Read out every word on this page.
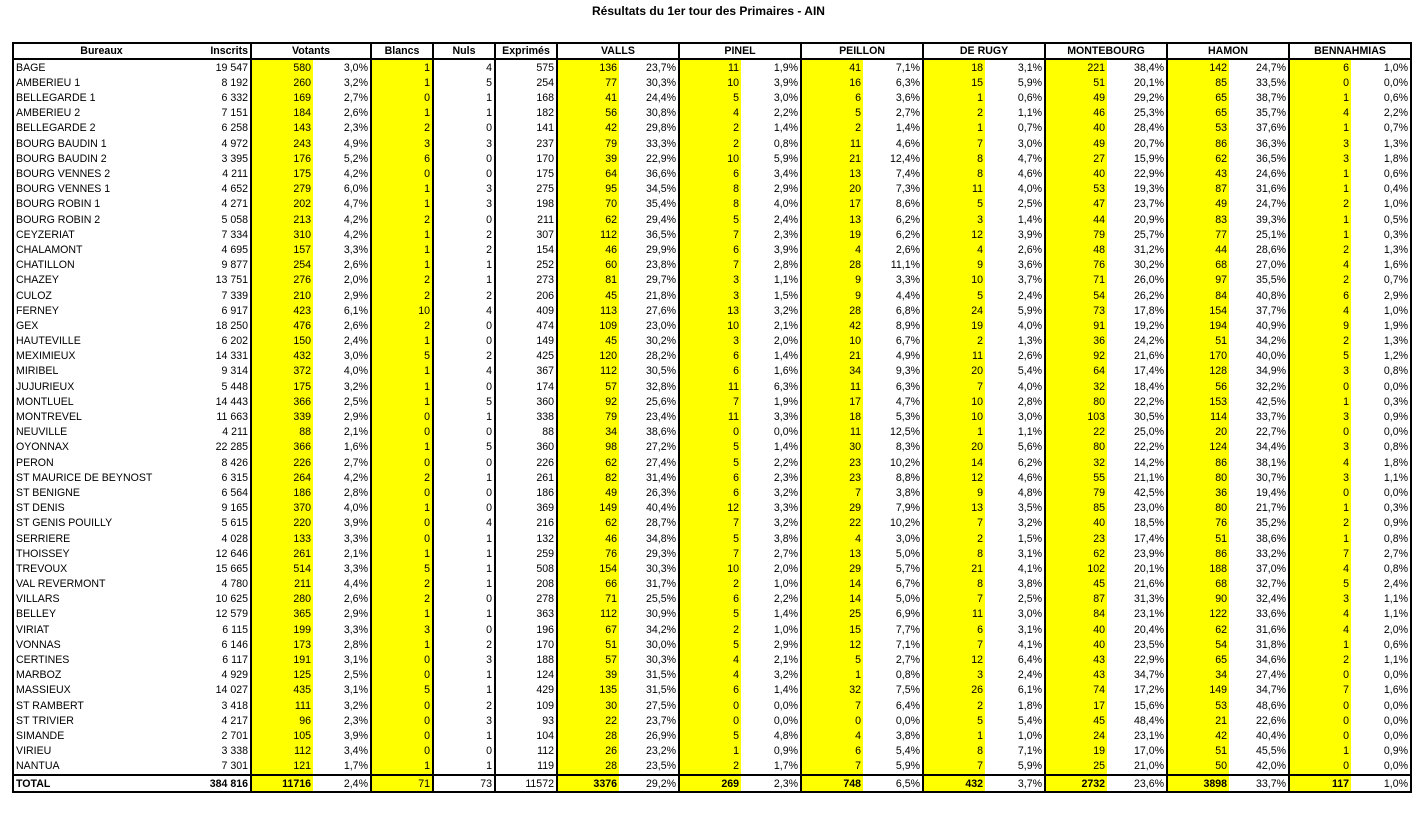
Résultats du 1er tour des Primaires - AIN
Bureaux	Inscrits	Votants		Blancs	Nuls	Exprimés	VALLS		PINEL		PEILLON		DE RUGY		MONTEBOURG		HAMON		BENNAHMIAS	
BAGE	19 547	580	3,0%	1	4	575	136	23,7%	11	1,9%	41	7,1%	18	3,1%	221	38,4%	142	24,7%	6	1,0%
AMBERIEU 1	8 192	260	3,2%	1	5	254	77	30,3%	10	3,9%	16	6,3%	15	5,9%	51	20,1%	85	33,5%	0	0,0%
BELLEGARDE 1	6 332	169	2,7%	0	1	168	41	24,4%	5	3,0%	6	3,6%	1	0,6%	49	29,2%	65	38,7%	1	0,6%
AMBERIEU 2	7 151	184	2,6%	1	1	182	56	30,8%	4	2,2%	5	2,7%	2	1,1%	46	25,3%	65	35,7%	4	2,2%
BELLEGARDE 2	6 258	143	2,3%	2	0	141	42	29,8%	2	1,4%	2	1,4%	1	0,7%	40	28,4%	53	37,6%	1	0,7%
BOURG BAUDIN 1	4 972	243	4,9%	3	3	237	79	33,3%	2	0,8%	11	4,6%	7	3,0%	49	20,7%	86	36,3%	3	1,3%
BOURG BAUDIN 2	3 395	176	5,2%	6	0	170	39	22,9%	10	5,9%	21	12,4%	8	4,7%	27	15,9%	62	36,5%	3	1,8%
BOURG VENNES 2	4 211	175	4,2%	0	0	175	64	36,6%	6	3,4%	13	7,4%	8	4,6%	40	22,9%	43	24,6%	1	0,6%
BOURG VENNES 1	4 652	279	6,0%	1	3	275	95	34,5%	8	2,9%	20	7,3%	11	4,0%	53	19,3%	87	31,6%	1	0,4%
BOURG ROBIN 1	4 271	202	4,7%	1	3	198	70	35,4%	8	4,0%	17	8,6%	5	2,5%	47	23,7%	49	24,7%	2	1,0%
BOURG ROBIN 2	5 058	213	4,2%	2	0	211	62	29,4%	5	2,4%	13	6,2%	3	1,4%	44	20,9%	83	39,3%	1	0,5%
CEYZERIAT	7 334	310	4,2%	1	2	307	112	36,5%	7	2,3%	19	6,2%	12	3,9%	79	25,7%	77	25,1%	1	0,3%
CHALAMONT	4 695	157	3,3%	1	2	154	46	29,9%	6	3,9%	4	2,6%	4	2,6%	48	31,2%	44	28,6%	2	1,3%
CHATILLON	9 877	254	2,6%	1	1	252	60	23,8%	7	2,8%	28	11,1%	9	3,6%	76	30,2%	68	27,0%	4	1,6%
CHAZEY	13 751	276	2,0%	2	1	273	81	29,7%	3	1,1%	9	3,3%	10	3,7%	71	26,0%	97	35,5%	2	0,7%
CULOZ	7 339	210	2,9%	2	2	206	45	21,8%	3	1,5%	9	4,4%	5	2,4%	54	26,2%	84	40,8%	6	2,9%
FERNEY	6 917	423	6,1%	10	4	409	113	27,6%	13	3,2%	28	6,8%	24	5,9%	73	17,8%	154	37,7%	4	1,0%
GEX	18 250	476	2,6%	2	0	474	109	23,0%	10	2,1%	42	8,9%	19	4,0%	91	19,2%	194	40,9%	9	1,9%
HAUTEVILLE	6 202	150	2,4%	1	0	149	45	30,2%	3	2,0%	10	6,7%	2	1,3%	36	24,2%	51	34,2%	2	1,3%
MEXIMIEUX	14 331	432	3,0%	5	2	425	120	28,2%	6	1,4%	21	4,9%	11	2,6%	92	21,6%	170	40,0%	5	1,2%
MIRIBEL	9 314	372	4,0%	1	4	367	112	30,5%	6	1,6%	34	9,3%	20	5,4%	64	17,4%	128	34,9%	3	0,8%
JUJURIEUX	5 448	175	3,2%	1	0	174	57	32,8%	11	6,3%	11	6,3%	7	4,0%	32	18,4%	56	32,2%	0	0,0%
MONTLUEL	14 443	366	2,5%	1	5	360	92	25,6%	7	1,9%	17	4,7%	10	2,8%	80	22,2%	153	42,5%	1	0,3%
MONTREVEL	11 663	339	2,9%	0	1	338	79	23,4%	11	3,3%	18	5,3%	10	3,0%	103	30,5%	114	33,7%	3	0,9%
NEUVILLE	4 211	88	2,1%	0	0	88	34	38,6%	0	0,0%	11	12,5%	1	1,1%	22	25,0%	20	22,7%	0	0,0%
OYONNAX	22 285	366	1,6%	1	5	360	98	27,2%	5	1,4%	30	8,3%	20	5,6%	80	22,2%	124	34,4%	3	0,8%
PERON	8 426	226	2,7%	0	0	226	62	27,4%	5	2,2%	23	10,2%	14	6,2%	32	14,2%	86	38,1%	4	1,8%
ST MAURICE DE BEYNOST	6 315	264	4,2%	2	1	261	82	31,4%	6	2,3%	23	8,8%	12	4,6%	55	21,1%	80	30,7%	3	1,1%
ST BENIGNE	6 564	186	2,8%	0	0	186	49	26,3%	6	3,2%	7	3,8%	9	4,8%	79	42,5%	36	19,4%	0	0,0%
ST DENIS	9 165	370	4,0%	1	0	369	149	40,4%	12	3,3%	29	7,9%	13	3,5%	85	23,0%	80	21,7%	1	0,3%
ST GENIS POUILLY	5 615	220	3,9%	0	4	216	62	28,7%	7	3,2%	22	10,2%	7	3,2%	40	18,5%	76	35,2%	2	0,9%
SERRIERE	4 028	133	3,3%	0	1	132	46	34,8%	5	3,8%	4	3,0%	2	1,5%	23	17,4%	51	38,6%	1	0,8%
THOISSEY	12 646	261	2,1%	1	1	259	76	29,3%	7	2,7%	13	5,0%	8	3,1%	62	23,9%	86	33,2%	7	2,7%
TREVOUX	15 665	514	3,3%	5	1	508	154	30,3%	10	2,0%	29	5,7%	21	4,1%	102	20,1%	188	37,0%	4	0,8%
VAL REVERMONT	4 780	211	4,4%	2	1	208	66	31,7%	2	1,0%	14	6,7%	8	3,8%	45	21,6%	68	32,7%	5	2,4%
VILLARS	10 625	280	2,6%	2	0	278	71	25,5%	6	2,2%	14	5,0%	7	2,5%	87	31,3%	90	32,4%	3	1,1%
BELLEY	12 579	365	2,9%	1	1	363	112	30,9%	5	1,4%	25	6,9%	11	3,0%	84	23,1%	122	33,6%	4	1,1%
VIRIAT	6 115	199	3,3%	3	0	196	67	34,2%	2	1,0%	15	7,7%	6	3,1%	40	20,4%	62	31,6%	4	2,0%
VONNAS	6 146	173	2,8%	1	2	170	51	30,0%	5	2,9%	12	7,1%	7	4,1%	40	23,5%	54	31,8%	1	0,6%
CERTINES	6 117	191	3,1%	0	3	188	57	30,3%	4	2,1%	5	2,7%	12	6,4%	43	22,9%	65	34,6%	2	1,1%
MARBOZ	4 929	125	2,5%	0	1	124	39	31,5%	4	3,2%	1	0,8%	3	2,4%	43	34,7%	34	27,4%	0	0,0%
MASSIEUX	14 027	435	3,1%	5	1	429	135	31,5%	6	1,4%	32	7,5%	26	6,1%	74	17,2%	149	34,7%	7	1,6%
ST RAMBERT	3 418	111	3,2%	0	2	109	30	27,5%	0	0,0%	7	6,4%	2	1,8%	17	15,6%	53	48,6%	0	0,0%
ST TRIVIER	4 217	96	2,3%	0	3	93	22	23,7%	0	0,0%	0	0,0%	5	5,4%	45	48,4%	21	22,6%	0	0,0%
SIMANDE	2 701	105	3,9%	0	1	104	28	26,9%	5	4,8%	4	3,8%	1	1,0%	24	23,1%	42	40,4%	0	0,0%
VIRIEU	3 338	112	3,4%	0	0	112	26	23,2%	1	0,9%	6	5,4%	8	7,1%	19	17,0%	51	45,5%	1	0,9%
NANTUA	7 301	121	1,7%	1	1	119	28	23,5%	2	1,7%	7	5,9%	7	5,9%	25	21,0%	50	42,0%	0	0,0%
TOTAL	384 816	11716	2,4%	71	73	11572	3376	29,2%	269	2,3%	748	6,5%	432	3,7%	2732	23,6%	3898	33,7%	117	1,0%
